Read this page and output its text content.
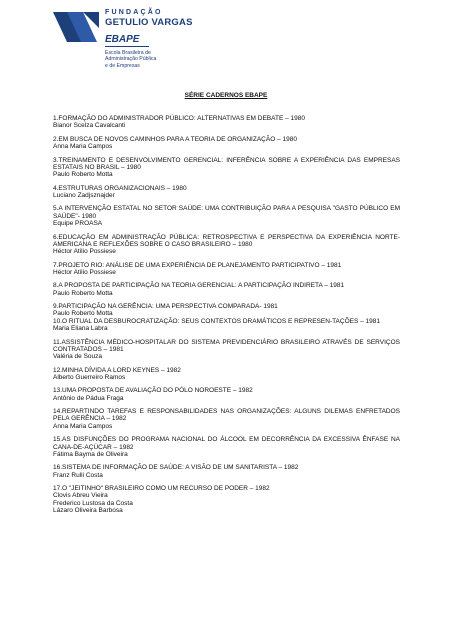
FUNDAÇÃO
GETULIO VARGAS
EBAPE
Escola Brasileira de
Administração Pública
e de Empresas
SÉRIE CADERNOS EBAPE
1.FORMAÇÃO DO ADMINISTRADOR PÚBLICO: ALTERNATIVAS EM DEBATE – 1980
Bianor Scelza Cavalcanti
2.EM BUSCA DE NOVOS CAMINHOS PARA A TEORIA DE ORGANIZAÇÃO – 1980
Anna Maria Campos
3.TREINAMENTO E DESENVOLVIMENTO GERENCIAL: INFERÊNCIA SOBRE A EXPERIÊNCIA DAS EMPRESAS ESTATAIS NO BRASIL – 1980
Paulo Roberto Motta
4.ESTRUTURAS ORGANIZACIONAIS – 1980
Luciano Zadjsznajder
5.A INTERVENÇÃO ESTATAL NO SETOR SAÚDE: UMA CONTRIBUIÇÃO PARA A PESQUISA "GASTO PÚBLICO EM SAÚDE"- 1980
Equipe PROASA
6.EDUCAÇÃO EM ADMINISTRAÇÃO PÚBLICA: RETROSPECTIVA E PERSPECTIVA DA EXPERIÊNCIA NORTE-AMERICANA E REFLEXÕES SOBRE O CASO BRASILEIRO – 1980
Héctor Atilio Possiese
7.PROJETO RIO: ANÁLISE DE UMA EXPERIÊNCIA DE PLANEJAMENTO PARTICIPATIVO – 1981
Héctor Atilio Possiese
8.A PROPOSTA DE PARTICIPAÇÃO NA TEORIA GERENCIAL: A PARTICIPAÇÃO INDIRETA – 1981
Paulo Roberto Motta
9.PARTICIPAÇÃO NA GERÊNCIA: UMA PERSPECTIVA COMPARADA- 1981
Paulo Roberto Motta
10.O RITUAL DA DESBUROCRATIZAÇÃO: SEUS CONTEXTOS DRAMÁTICOS E REPRESEN-TAÇÕES – 1981
Maria Eliana Labra
11.ASSISTÊNCIA MÉDICO-HOSPITALAR DO SISTEMA PREVIDENCIÁRIO BRASILEIRO ATRAVÉS DE SERVIÇOS CONTRATADOS – 1981
Valéria de Souza
12.MINHA DÍVIDA A LORD KEYNES – 1982
Alberto Guerreiro Ramos
13.UMA PROPOSTA DE AVALIAÇÃO DO PÓLO NOROESTE – 1982
Antônio de Pádua Fraga
14.REPARTINDO TAREFAS E RESPONSABILIDADES NAS ORGANIZAÇÕES: ALGUNS DILEMAS ENFRETADOS PELA GERÊNCIA – 1982
Anna Maria Campos
15.AS DISFUNÇÕES DO PROGRAMA NACIONAL DO ÁLCOOL EM DECORRÊNCIA DA EXCESSIVA ÊNFASE NA CANA-DE-AÇÚCAR – 1982
Fátima Bayma de Oliveira
16.SISTEMA DE INFORMAÇÃO DE SAÚDE: A VISÃO DE UM SANITARISTA – 1982
Franz Rulli Costa
17.O "JEITINHO" BRASILEIRO COMO UM RECURSO DE PODER – 1982
Clovis Abreu Vieira
Frederico Lustosa da Costa
Lázaro Oliveira Barbosa
